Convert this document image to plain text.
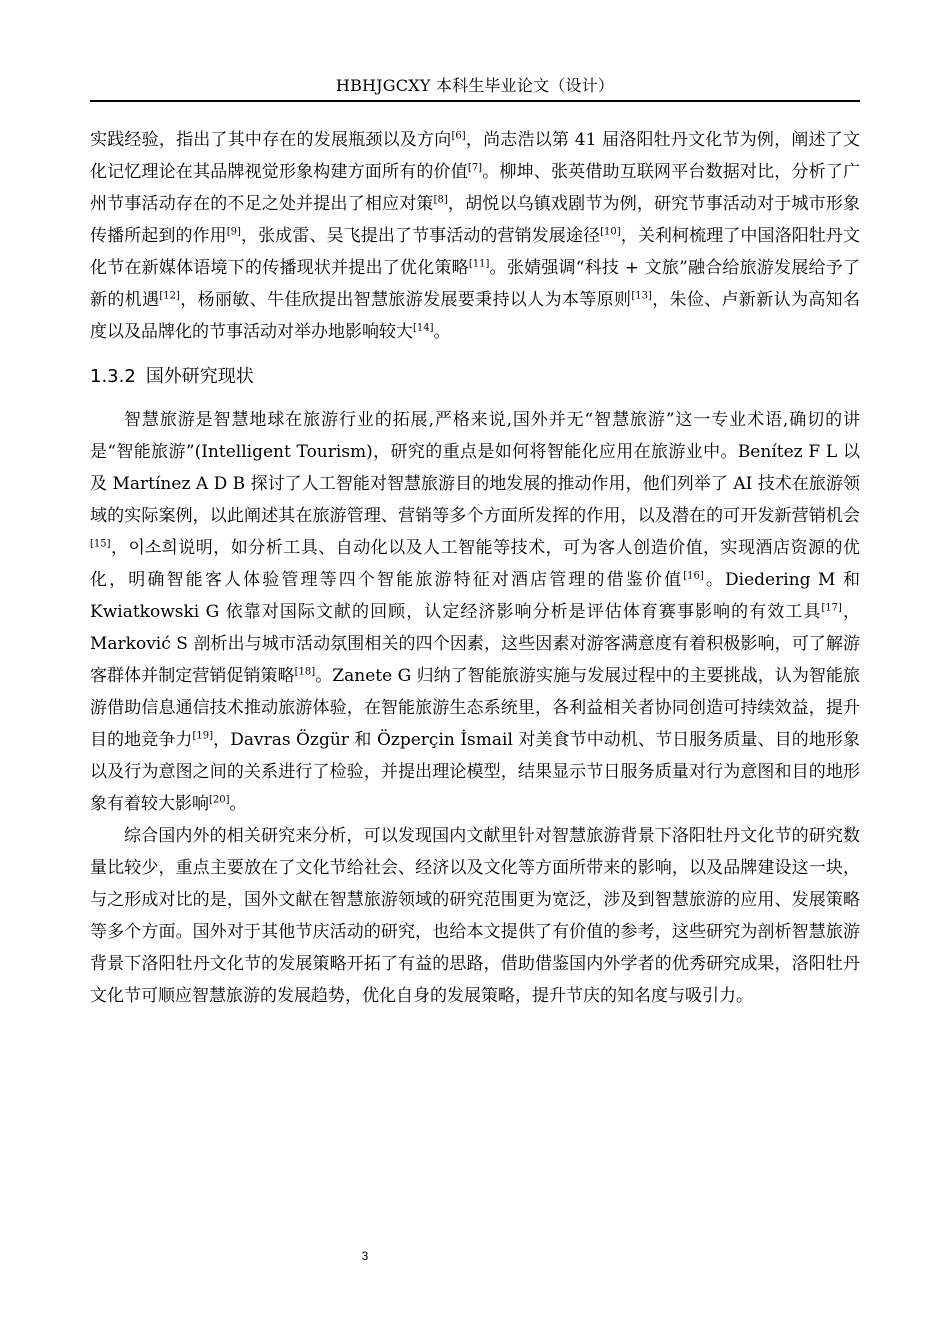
HBHJGCXY 本科生毕业论文（设计）

实践经验，指出了其中存在的发展瓶颈以及方向[6]，尚志浩以第 41 届洛阳牡丹文化节为例，阐述了文化记忆理论在其品牌视觉形象构建方面所有的价值[7]。柳坤、张英借助互联网平台数据对比，分析了广州节事活动存在的不足之处并提出了相应对策[8]，胡悦以乌镇戏剧节为例，研究节事活动对于城市形象传播所起到的作用[9]，张成雷、吴飞提出了节事活动的营销发展途径[10]，关利柯梳理了中国洛阳牡丹文化节在新媒体语境下的传播现状并提出了优化策略[11]。张婧强调“科技 + 文旅”融合给旅游发展给予了新的机遇[12]，杨丽敏、牛佳欣提出智慧旅游发展要秉持以人为本等原则[13]，朱俭、卢新新认为高知名度以及品牌化的节事活动对举办地影响较大[14]。

1.3.2 国外研究现状

智慧旅游是智慧地球在旅游行业的拓展,严格来说,国外并无“智慧旅游”这一专业术语,确切的讲是“智能旅游”(Intelligent Tourism)，研究的重点是如何将智能化应用在旅游业中。Benítez F L 以及 Martínez A D B 探讨了人工智能对智慧旅游目的地发展的推动作用，他们列举了 AI 技术在旅游领域的实际案例，以此阐述其在旅游管理、营销等多个方面所发挥的作用，以及潜在的可开发新营销机会[15]，이소희说明，如分析工具、自动化以及人工智能等技术，可为客人创造价值，实现酒店资源的优化，明确智能客人体验管理等四个智能旅游特征对酒店管理的借鉴价值[16]。Diedering M 和 Kwiatkowski G 依靠对国际文献的回顾，认定经济影响分析是评估体育赛事影响的有效工具[17]，Marković S 剖析出与城市活动氛围相关的四个因素，这些因素对游客满意度有着积极影响，可了解游客群体并制定营销促销策略[18]。Zanete G 归纳了智能旅游实施与发展过程中的主要挑战，认为智能旅游借助信息通信技术推动旅游体验，在智能旅游生态系统里，各利益相关者协同创造可持续效益，提升目的地竞争力[19]，Davras Özgür 和 Özperçin İsmail 对美食节中动机、节日服务质量、目的地形象以及行为意图之间的关系进行了检验，并提出理论模型，结果显示节日服务质量对行为意图和目的地形象有着较大影响[20]。

综合国内外的相关研究来分析，可以发现国内文献里针对智慧旅游背景下洛阳牡丹文化节的研究数量比较少，重点主要放在了文化节给社会、经济以及文化等方面所带来的影响，以及品牌建设这一块，与之形成对比的是，国外文献在智慧旅游领域的研究范围更为宽泛，涉及到智慧旅游的应用、发展策略等多个方面。国外对于其他节庆活动的研究，也给本文提供了有价值的参考，这些研究为剖析智慧旅游背景下洛阳牡丹文化节的发展策略开拓了有益的思路，借助借鉴国内外学者的优秀研究成果，洛阳牡丹文化节可顺应智慧旅游的发展趋势，优化自身的发展策略，提升节庆的知名度与吸引力。

3
